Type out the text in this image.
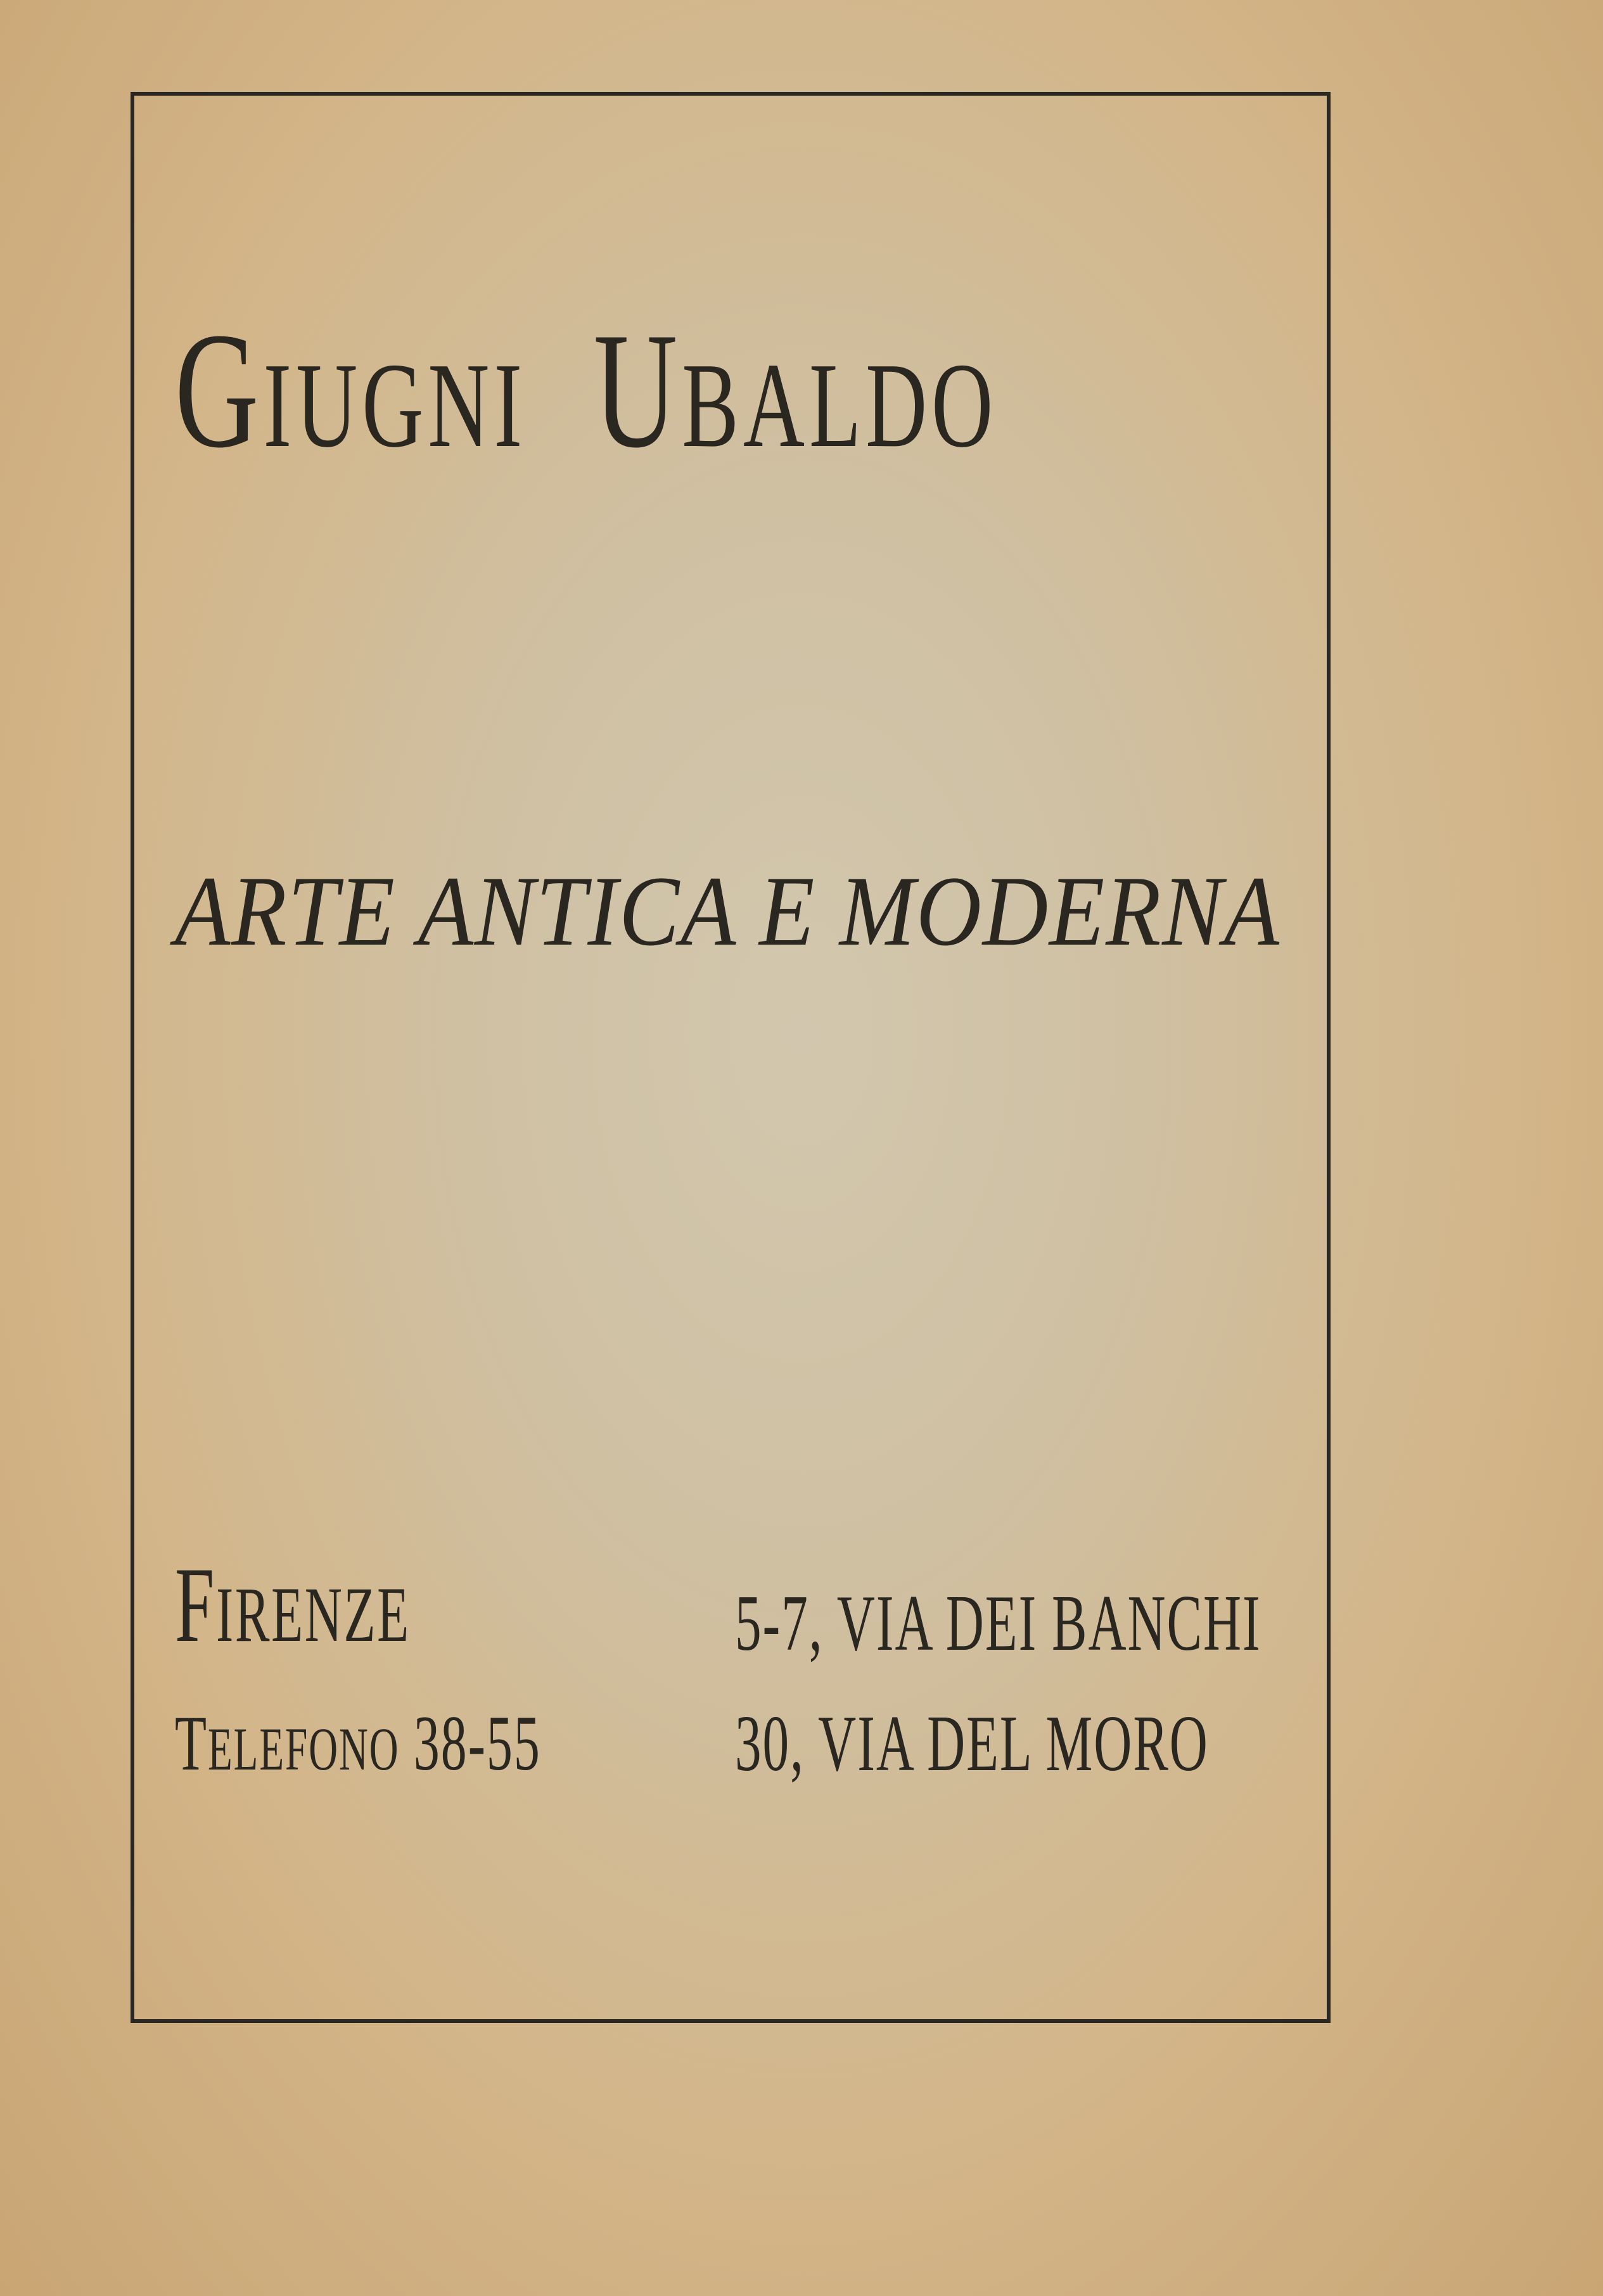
GIUGNI UBALDO
ARTE ANTICA E MODERNA
FIRENZE
TELEFONO 38-55
5-7, VIA DEI BANCHI
30, VIA DEL MORO
